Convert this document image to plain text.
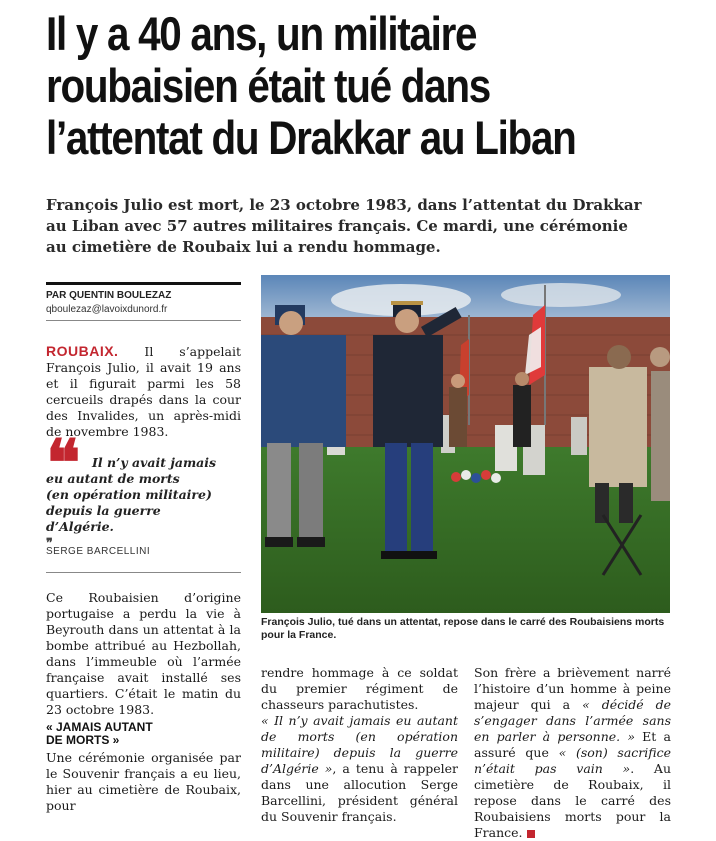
Il y a 40 ans, un militaire
roubaisien était tué dans
l’attentat du Drakkar au Liban

François Julio est mort, le 23 octobre 1983, dans l’attentat du Drakkar
au Liban avec 57 autres militaires français. Ce mardi, une cérémonie
au cimetière de Roubaix lui a rendu hommage.

PAR QUENTIN BOULEZAZ
qboulezaz@lavoixdunord.fr

ROUBAIX. Il s’appelait François Julio, il avait 19 ans et il figurait parmi les 58 cercueils drapés dans la cour des Invalides, un après-midi de novembre 1983.

❝ Il n’y avait jamais

eu autant de morts
(en opération militaire)
depuis la guerre
d’Algérie.
❞

SERGE BARCELLINI

Ce Roubaisien d’origine portugaise a perdu la vie à Beyrouth dans un attentat à la bombe attribué au Hezbollah, dans l’immeuble où l’armée française avait installé ses quartiers. C’était le matin du 23 octobre 1983.

« JAMAIS AUTANT
DE MORTS »

Une cérémonie organisée par le Souvenir français a eu lieu, hier au cimetière de Roubaix, pour

François Julio, tué dans un attentat, repose dans le carré des Roubaisiens morts pour la France.

rendre hommage à ce soldat du premier régiment de chasseurs parachutistes.
« Il n’y avait jamais eu autant de morts (en opération militaire) depuis la guerre d’Algérie », a tenu à rappeler dans une allocution Serge Barcellini, président général du Souvenir français.

Son frère a brièvement narré l’histoire d’un homme à peine majeur qui a « décidé de s’engager dans l’armée sans en parler à personne. » Et a assuré que « (son) sacrifice n’était pas vain ». Au cimetière de Roubaix, il repose dans le carré des Roubaisiens morts pour la France.
